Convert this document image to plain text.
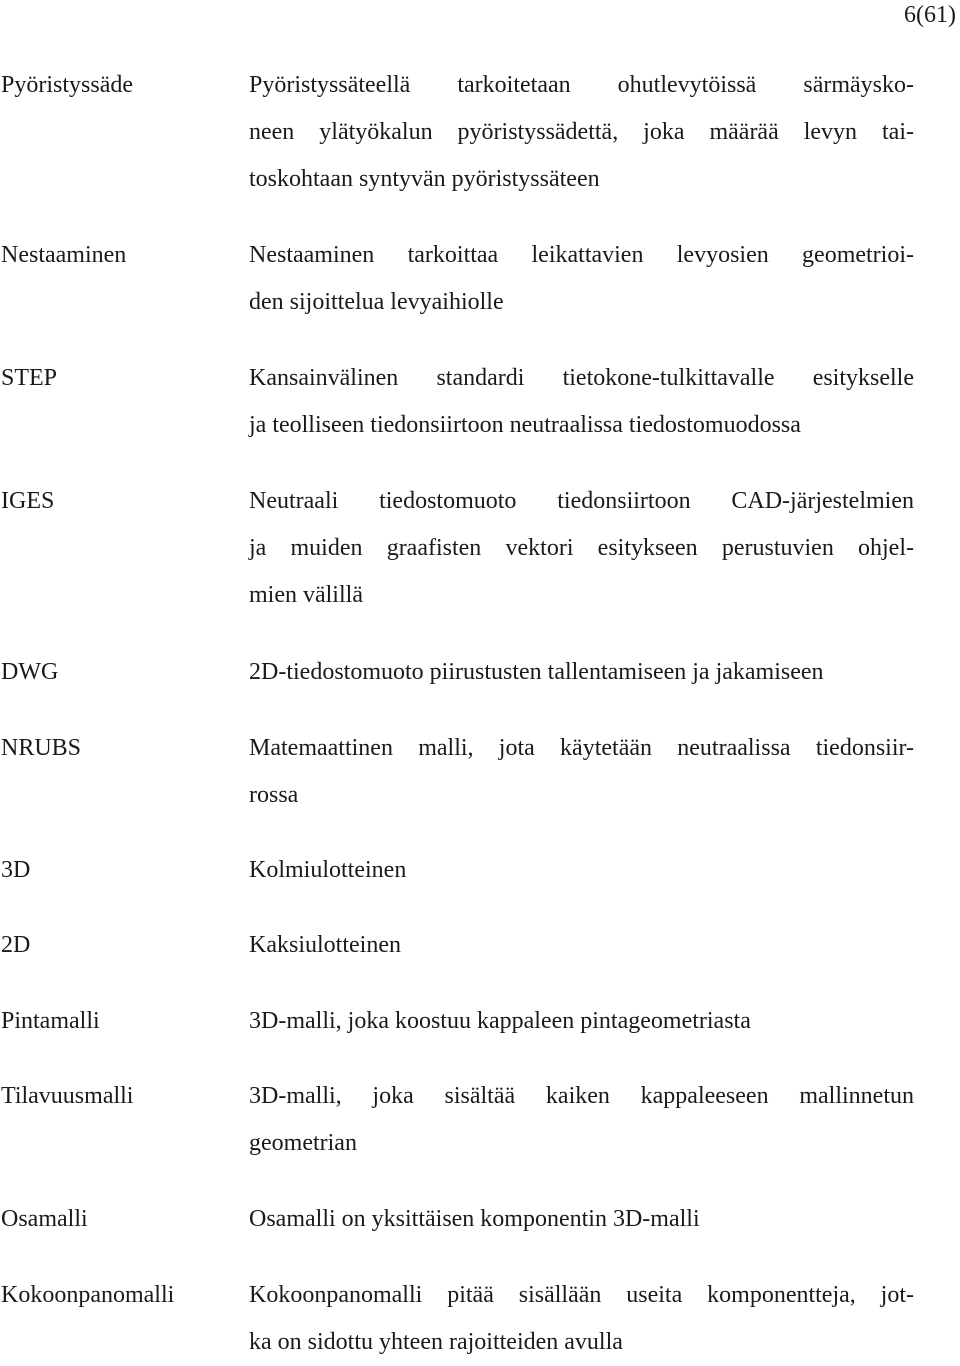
6(61)
Pyöristyssäde	Pyöristyssäteellä tarkoitetaan ohutlevytöissä särmäysko-
neen ylätyökalun pyöristyssädettä, joka määrää levyn tai-
toskohtaan syntyvän pyöristyssäteen
Nestaaminen	Nestaaminen tarkoittaa leikattavien levyosien geometrioi-
den sijoittelua levyaihiolle
STEP	Kansainvälinen standardi tietokone-tulkittavalle esitykselle
ja teolliseen tiedonsiirtoon neutraalissa tiedostomuodossa
IGES	Neutraali tiedostomuoto tiedonsiirtoon CAD-järjestelmien
ja muiden graafisten vektori esitykseen perustuvien ohjel-
mien välillä
DWG	2D-tiedostomuoto piirustusten tallentamiseen ja jakamiseen
NRUBS	Matemaattinen malli, jota käytetään neutraalissa tiedonsiir-
rossa
3D	Kolmiulotteinen
2D	Kaksiulotteinen
Pintamalli	3D-malli, joka koostuu kappaleen pintageometriasta
Tilavuusmalli	3D-malli, joka sisältää kaiken kappaleeseen mallinnetun
geometrian
Osamalli	Osamalli on yksittäisen komponentin 3D-malli
Kokoonpanomalli	Kokoonpanomalli pitää sisällään useita komponentteja, jot-
ka on sidottu yhteen rajoitteiden avulla
